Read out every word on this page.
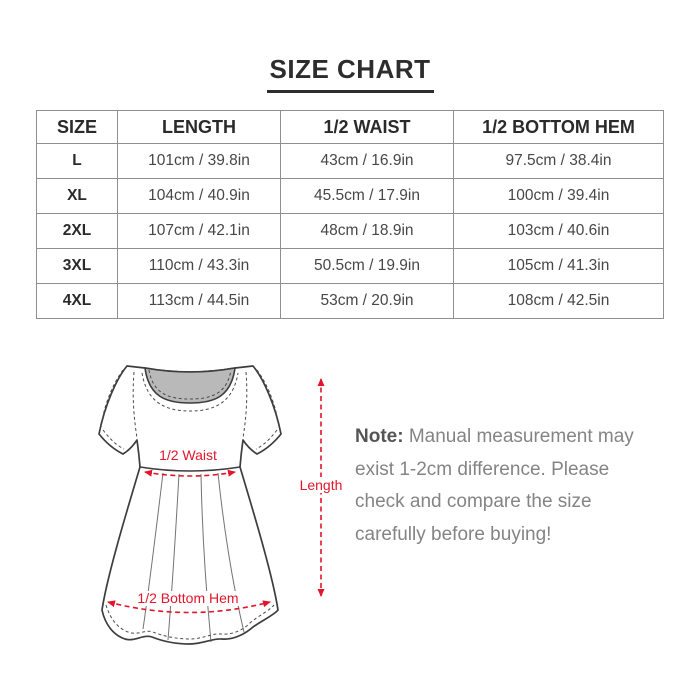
SIZE CHART
SIZE	LENGTH	1/2 WAIST	1/2 BOTTOM HEM
L	101cm / 39.8in	43cm / 16.9in	97.5cm / 38.4in
XL	104cm / 40.9in	45.5cm / 17.9in	100cm / 39.4in
2XL	107cm / 42.1in	48cm / 18.9in	103cm / 40.6in
3XL	110cm / 43.3in	50.5cm / 19.9in	105cm / 41.3in
4XL	113cm / 44.5in	53cm / 20.9in	108cm / 42.5in
1/2 Waist
1/2 Bottom Hem
Length
Note: Manual measurement may
exist 1-2cm difference. Please
check and compare the size
carefully before buying!
